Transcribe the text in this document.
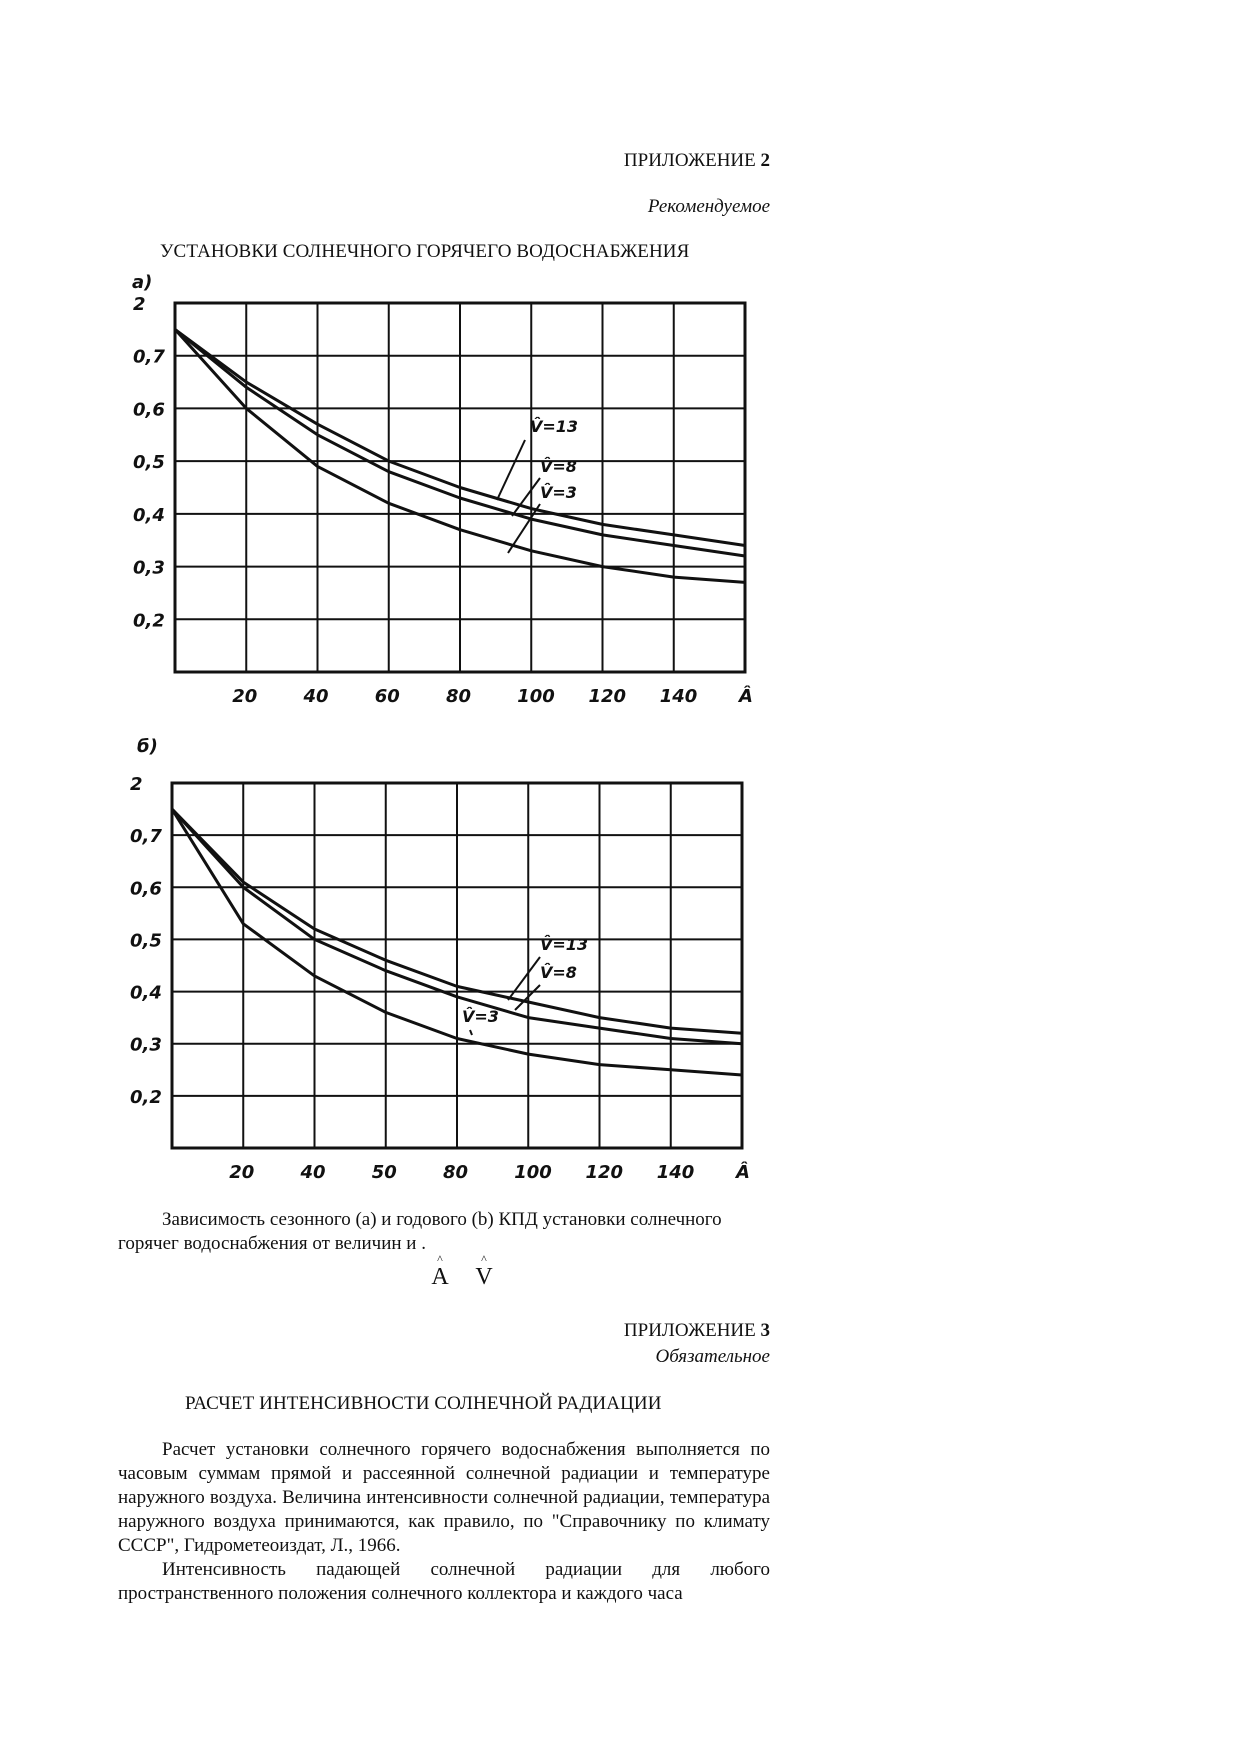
ПРИЛОЖЕНИЕ 2
Рекомендуемое
УСТАНОВКИ СОЛНЕЧНОГО ГОРЯЧЕГО ВОДОСНАБЖЕНИЯ
а)
2
0,7
0,6
0,5
0,4
0,3
0,2
20	40	60	80	100 120 140 Â
V̂=13
V̂=8
V̂=3
б)
2
0,7
0,6
0,5
0,4
0,3
0,2
20	40	50	80	100 120 140 Â
V̂=13
V̂=8
V̂=3

Зависимость сезонного (а) и годового (b) КПД установки солнечного

горячег водоснабжения от величин и .

^
A
^
V
ПРИЛОЖЕНИЕ 3
Обязательное
РАСЧЕТ ИНТЕНСИВНОСТИ СОЛНЕЧНОЙ РАДИАЦИИ

Расчет установки солнечного горячего водоснабжения выполняется по часовым суммам прямой и рассеянной солнечной радиации и температуре наружного воздуха. Величина интенсивности солнечной радиации, температура наружного воздуха принимаются, как правило, по "Справочнику по климату СССР", Гидрометеоиздат, Л., 1966.

Интенсивность падающей солнечной радиации для любого пространственного положения солнечного коллектора и каждого часа
